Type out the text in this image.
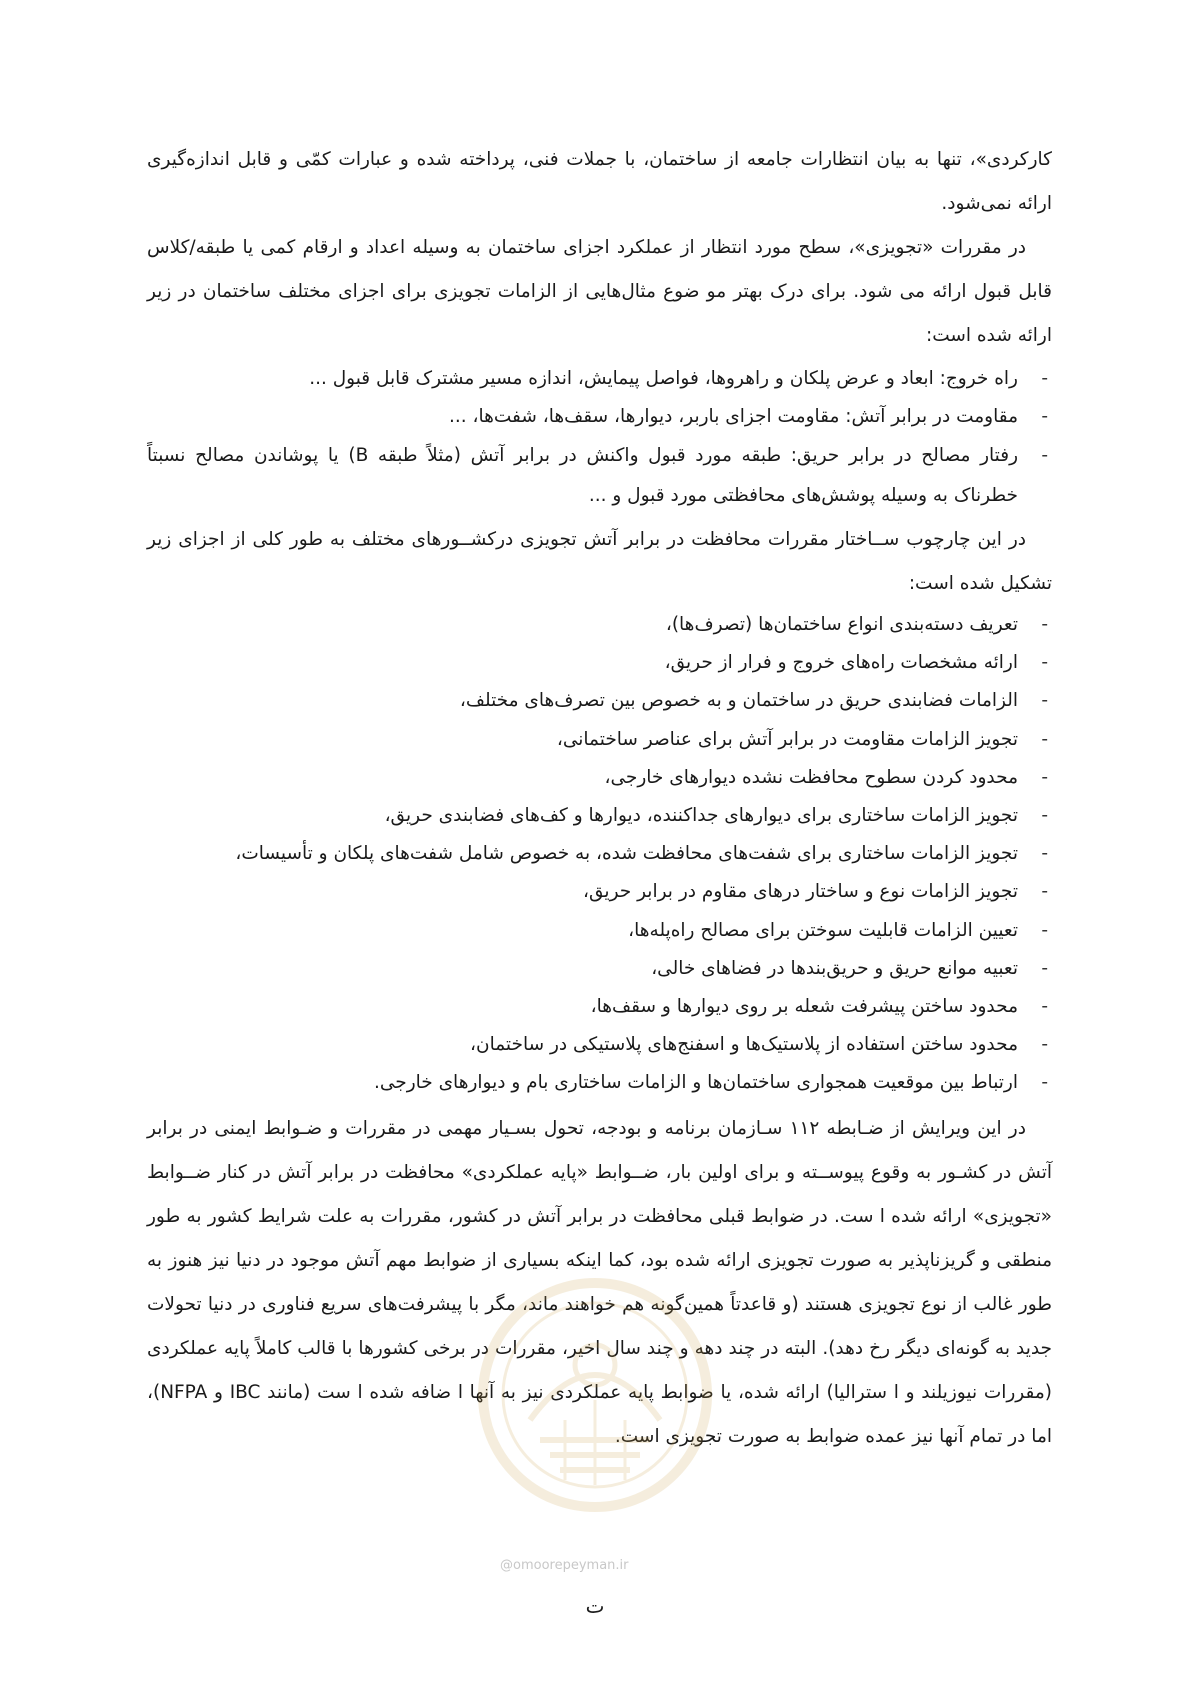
کارکردی»، تنها به بیان انتظارات جامعه از ساختمان، با جملات فنی، پرداخته شده و عبارات کمّی و قابل اندازه‌گیری ارائه نمی‌شود.

در مقررات «تجویزی»، سطح مورد انتظار از عملکرد اجزای ساختمان به وسیله اعداد و ارقام کمی یا طبقه/کلاس قابل قبول ارائه می شود. برای درک بهتر مو ضوع مثال‌هایی از الزامات تجویزی برای اجزای مختلف ساختمان در زیر ارائه شده است:

-
راه خروج: ابعاد و عرض پلکان و راهروها، فواصل پیمایش، اندازه مسیر مشترک قابل قبول ...
-
مقاومت در برابر آتش: مقاومت اجزای باربر، دیوارها، سقف‌ها، شفت‌ها، ...
-
رفتار مصالح در برابر حریق: طبقه مورد قبول واکنش در برابر آتش (مثلاً طبقه B) یا پوشاندن مصالح نسبتاً خطرناک به وسیله پوشش‌های محافظتی مورد قبول و ...

در این چارچوب ســاختار مقررات محافظت در برابر آتش تجویزی درکشــورهای مختلف به طور کلی از اجزای زیر تشکیل شده است:

-
تعریف دسته‌بندی انواع ساختمان‌ها (تصرف‌ها)،
-
ارائه مشخصات راه‌های خروج و فرار از حریق،
-
الزامات فضابندی حریق در ساختمان و به خصوص بین تصرف‌های مختلف،
-
تجویز الزامات مقاومت در برابر آتش برای عناصر ساختمانی،
-
محدود کردن سطوح محافظت نشده دیوارهای خارجی،
-
تجویز الزامات ساختاری برای دیوارهای جداکننده، دیوارها و کف‌های فضابندی حریق،
-
تجویز الزامات ساختاری برای شفت‌های محافظت شده، به خصوص شامل شفت‌های پلکان و تأسیسات،
-
تجویز الزامات نوع و ساختار درهای مقاوم در برابر حریق،
-
تعیین الزامات قابلیت سوختن برای مصالح راه‌پله‌ها،
-
تعبیه موانع حریق و حریق‌بندها در فضاهای خالی،
-
محدود ساختن پیشرفت شعله بر روی دیوارها و سقف‌ها،
-
محدود ساختن استفاده از پلاستیک‌ها و اسفنج‌های پلاستیکی در ساختمان،
-
ارتباط بین موقعیت همجواری ساختمان‌ها و الزامات ساختاری بام و دیوارهای خارجی.

در این ویرایش از ضـابطه ۱۱۲ سـازمان برنامه و بودجه، تحول بسـیار مهمی در مقررات و ضـوابط ایمنی در برابر آتش در کشـور به وقوع پیوســته و برای اولین بار، ضــوابط «پایه عملکردی» محافظت در برابر آتش در کنار ضــوابط «تجویزی» ارائه شده ا ست. در ضوابط قبلی محافظت در برابر آتش در کشور، مقررات به علت شرایط کشور به طور منطقی و گریزناپذیر به صورت تجویزی ارائه شده بود، کما اینکه بسیاری از ضوابط مهم آتش موجود در دنیا نیز هنوز به طور غالب از نوع تجویزی هستند (و قاعدتاً همین‌گونه هم خواهند ماند، مگر با پیشرفت‌های سریع فناوری در دنیا تحولات جدید به گونه‌ای دیگر رخ دهد). البته در چند دهه و چند سال اخیر، مقررات در برخی کشورها با قالب کاملاً پایه عملکردی (مقررات نیوزیلند و ا ستراليا) ارائه شده، یا ضوابط پایه عملکردی نیز به آنها ا ضافه شده ا ست (مانند IBC و NFPA)، اما در تمام آنها نیز عمده ضوابط به صورت تجویزی است.

@omoorepeyman.ir
ت
